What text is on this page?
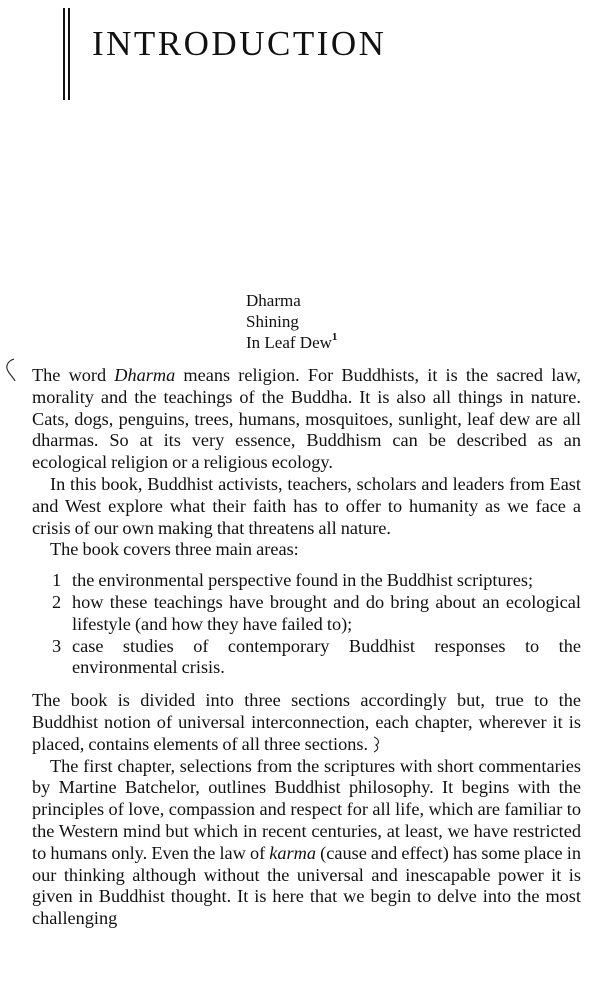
INTRODUCTION
Dharma
Shining
In Leaf Dew$^1$

The word Dharma means religion. For Buddhists, it is the sacred law, morality and the teachings of the Buddha. It is also all things in nature. Cats, dogs, penguins, trees, humans, mosquitoes, sunlight, leaf dew are all dharmas. So at its very essence, Buddhism can be described as an ecological religion or a religious ecology.

In this book, Buddhist activists, teachers, scholars and leaders from East and West explore what their faith has to offer to humanity as we face a crisis of our own making that threatens all nature.

The book covers three main areas:

1 the environmental perspective found in the Buddhist scriptures;
2 how these teachings have brought and do bring about an ecological lifestyle (and how they have failed to);
3 case studies of contemporary Buddhist responses to the environmental crisis.

The book is divided into three sections accordingly but, true to the Buddhist notion of universal interconnection, each chapter, wherever it is placed, contains elements of all three sections.

The first chapter, selections from the scriptures with short commentaries by Martine Batchelor, outlines Buddhist philosophy. It begins with the principles of love, compassion and respect for all life, which are familiar to the Western mind but which in recent centuries, at least, we have restricted to humans only. Even the law of karma (cause and effect) has some place in our thinking although without the universal and inescapable power it is given in Buddhist thought. It is here that we begin to delve into the most challenging
